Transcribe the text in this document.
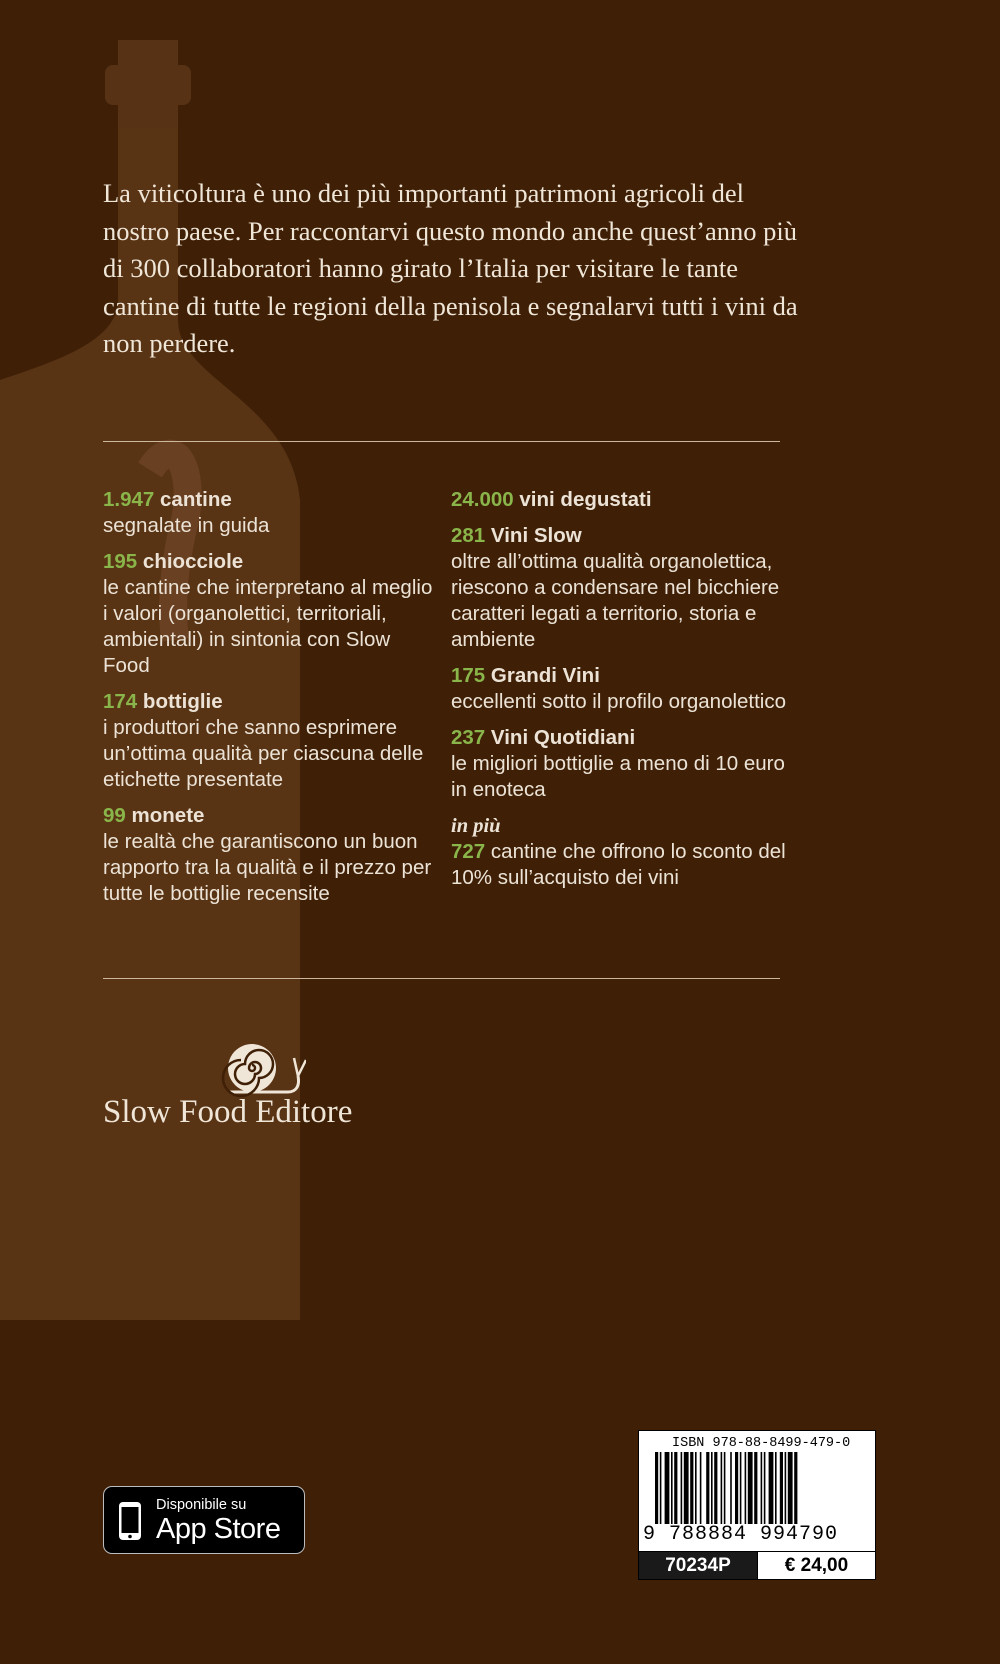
La viticoltura è uno dei più importanti patrimoni agricoli del nostro paese. Per raccontarvi questo mondo anche quest’anno più di 300 collaboratori hanno girato l’Italia per visitare le tante cantine di tutte le regioni della penisola e segnalarvi tutti i vini da non perdere.

1.947 cantine
segnalate in guida
195 chiocciole
le cantine che interpretano al meglio i valori (organolettici, territoriali, ambientali) in sintonia con Slow Food
174 bottiglie
i produttori che sanno esprimere un’ottima qualità per ciascuna delle etichette presentate
99 monete
le realtà che garantiscono un buon rapporto tra la qualità e il prezzo per tutte le bottiglie recensite
24.000 vini degustati
281 Vini Slow
oltre all’ottima qualità organolettica, riescono a condensare nel bicchiere caratteri legati a territorio, storia e ambiente
175 Grandi Vini
eccellenti sotto il profilo organolettico
237 Vini Quotidiani
le migliori bottiglie a meno di 10 euro in enoteca
in più
727 cantine che offrono lo sconto del 10% sull’acquisto dei vini
Slow Food Editore
Disponibile su
App Store
ISBN 978-88-8499-479-0
9 788884 994790
70234P	€ 24,00
